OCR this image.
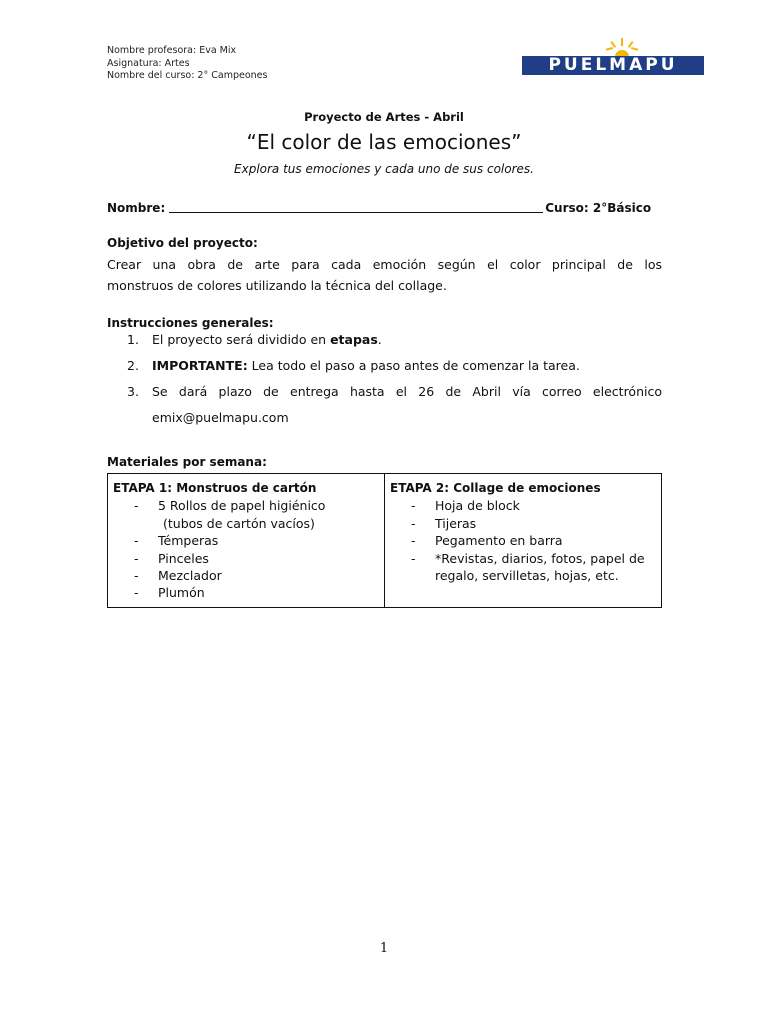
Nombre profesora: Eva Mix
Asignatura: Artes
Nombre del curso: 2° Campeones
PUELMAPU
Proyecto de Artes - Abril
“El color de las emociones”
Explora tus emociones y cada uno de sus colores.
Nombre:	Curso: 2°Básico
Objetivo del proyecto:
Crear una obra de arte para cada emoción según el color principal de los
monstruos de colores utilizando la técnica del collage.
Instrucciones generales:
1. El proyecto será dividido en etapas.
2. IMPORTANTE: Lea todo el paso a paso antes de comenzar la tarea.
3. Se dará plazo de entrega hasta el 26 de Abril vía correo electrónico
emix@puelmapu.com
Materiales por semana:
ETAPA 1: Monstruos de cartón
- 5 Rollos de papel higiénico
(tubos de cartón vacíos)
- Témperas
- Pinceles
- Mezclador
- Plumón
ETAPA 2: Collage de emociones
- Hoja de block
- Tijeras
- Pegamento en barra
- *Revistas, diarios, fotos, papel de
regalo, servilletas, hojas, etc.
1
